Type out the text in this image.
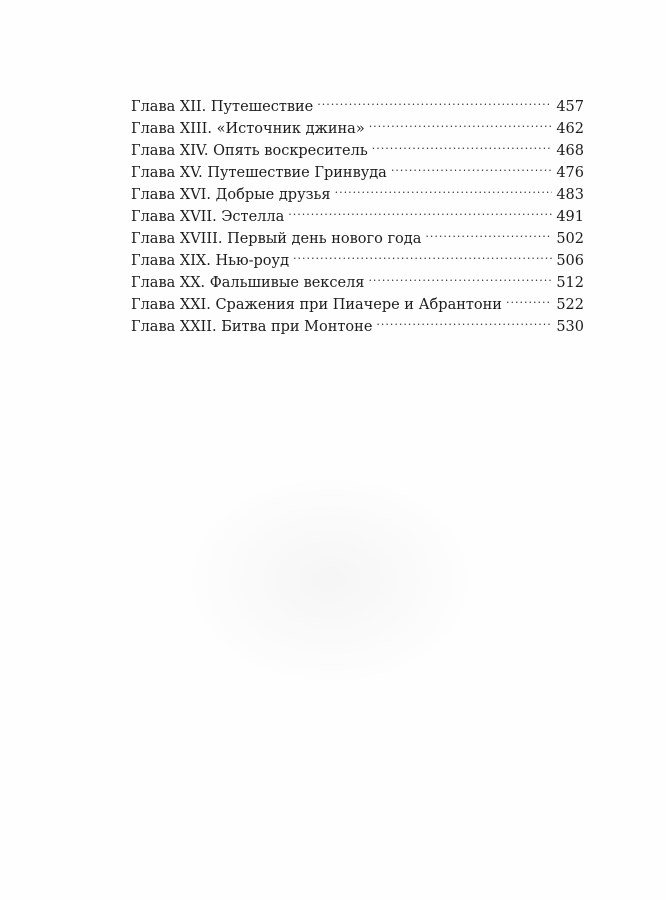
Глава XII. Путешествие .....	457
Глава XIII. «Источник джина» .....	462
Глава XIV. Опять воскреситель .....	468
Глава XV. Путешествие Гринвуда .....	476
Глава XVI. Добрые друзья .....	483
Глава XVII. Эстелла .....	491
Глава XVIII. Первый день нового года .....	502
Глава XIX. Нью-роуд .....	506
Глава XX. Фальшивые векселя .....	512
Глава XXI. Сражения при Пиачере и Абрантони .....	522
Глава XXII. Битва при Монтоне .....	530
